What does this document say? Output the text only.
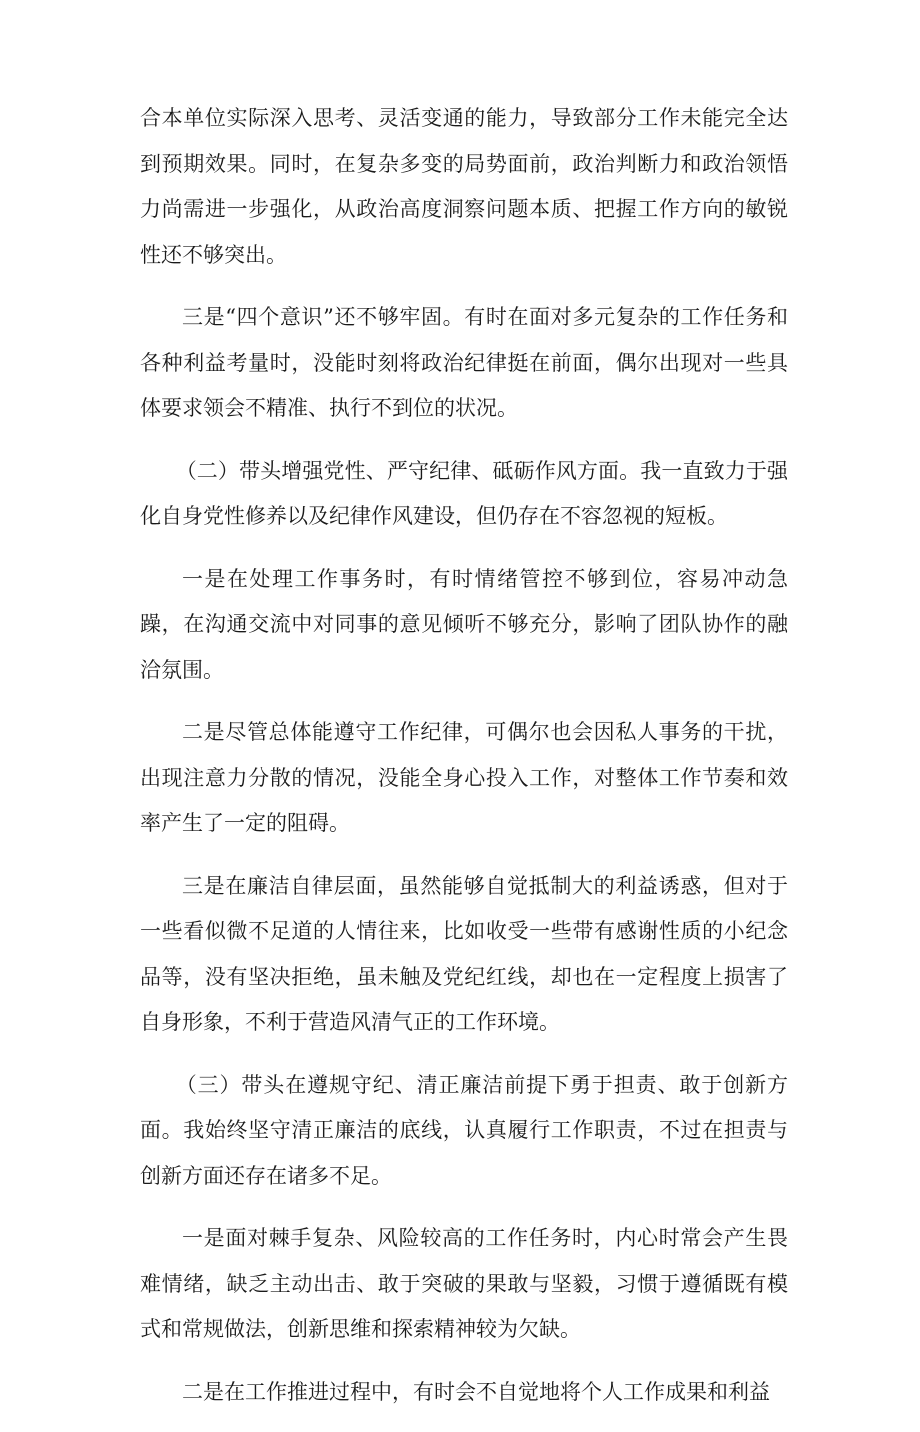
合本单位实际深入思考、灵活变通的能力，导致部分工作未能完全达到预期效果。同时，在复杂多变的局势面前，政治判断力和政治领悟力尚需进一步强化，从政治高度洞察问题本质、把握工作方向的敏锐性还不够突出。

三是“四个意识”还不够牢固。有时在面对多元复杂的工作任务和各种利益考量时，没能时刻将政治纪律挺在前面，偶尔出现对一些具体要求领会不精准、执行不到位的状况。

（二）带头增强党性、严守纪律、砥砺作风方面。我一直致力于强化自身党性修养以及纪律作风建设，但仍存在不容忽视的短板。

一是在处理工作事务时，有时情绪管控不够到位，容易冲动急躁，在沟通交流中对同事的意见倾听不够充分，影响了团队协作的融洽氛围。

二是尽管总体能遵守工作纪律，可偶尔也会因私人事务的干扰，出现注意力分散的情况，没能全身心投入工作，对整体工作节奏和效率产生了一定的阻碍。

三是在廉洁自律层面，虽然能够自觉抵制大的利益诱惑，但对于一些看似微不足道的人情往来，比如收受一些带有感谢性质的小纪念品等，没有坚决拒绝，虽未触及党纪红线，却也在一定程度上损害了自身形象，不利于营造风清气正的工作环境。

（三）带头在遵规守纪、清正廉洁前提下勇于担责、敢于创新方面。我始终坚守清正廉洁的底线，认真履行工作职责，不过在担责与创新方面还存在诸多不足。

一是面对棘手复杂、风险较高的工作任务时，内心时常会产生畏难情绪，缺乏主动出击、敢于突破的果敢与坚毅，习惯于遵循既有模式和常规做法，创新思维和探索精神较为欠缺。

二是在工作推进过程中，有时会不自觉地将个人工作成果和利益
